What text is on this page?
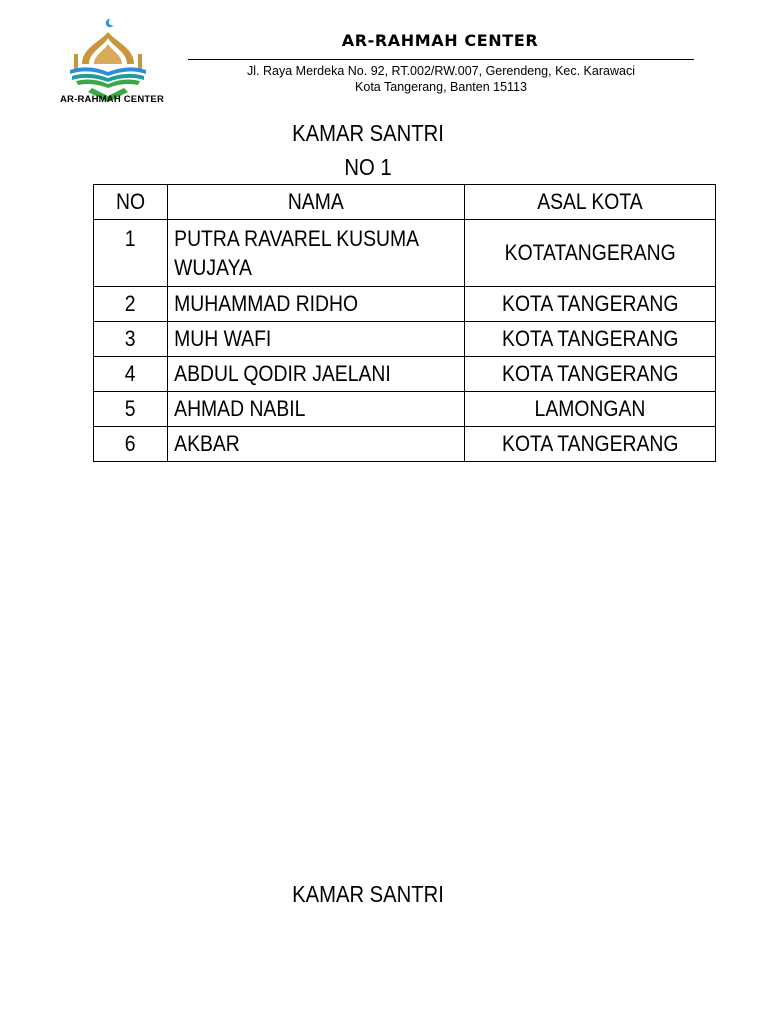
AR-RAHMAH CENTER
AR-RAHMAH CENTER
Jl. Raya Merdeka No. 92, RT.002/RW.007, Gerendeng, Kec. Karawaci
Kota Tangerang, Banten 15113
KAMAR SANTRI
NO 1
NO	NAMA	ASAL KOTA
1	PUTRA RAVAREL KUSUMA WUJAYA	KOTATANGERANG
2	MUHAMMAD RIDHO	KOTA TANGERANG
3	MUH WAFI	KOTA TANGERANG
4	ABDUL QODIR JAELANI	KOTA TANGERANG
5	AHMAD NABIL	LAMONGAN
6	AKBAR	KOTA TANGERANG
KAMAR SANTRI
